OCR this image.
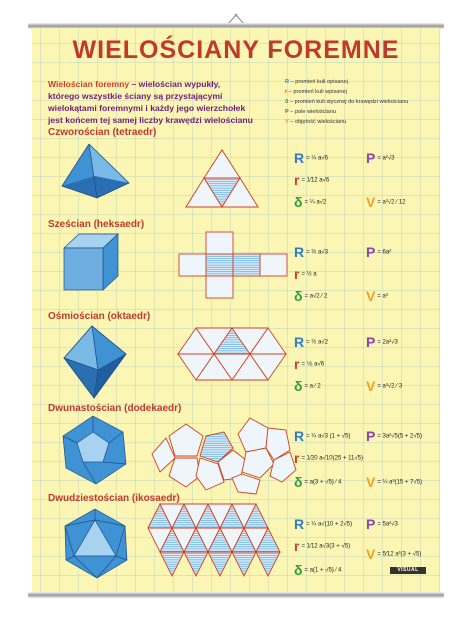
WIELOŚCIANY FOREMNE
Wielościan foremny – wielościan wypukły,
którego wszystkie ściany są przystającymi
wielokątami foremnymi i każdy jego wierzchołek
jest końcem tej samej liczby krawędzi wielościanu
R – promień kuli opisanej
r – promień kuli wpisanej
δ – promień kuli stycznej do krawędzi wielościanu
P – pole wielościanu
V – objętość wielościanu
Czworościan (tetraedr)
Sześcian (heksaedr)
Ośmiościan (oktaedr)
Dwunastościan (dodekaedr)
Dwudziestościan (ikosaedr)
R = ¼ a√6
r = 1⁄12 a√6
δ = ¼ a√2
P = a²√3
V = a³√2 ⁄ 12
R = ½ a√3
r = ½ a
δ = a√2 ⁄ 2
P = 6a²
V = a³
R = ½ a√2
r = ⅙ a√6
δ = a ⁄ 2
P = 2a²√3
V = a³√2 ⁄ 3
R = ¼ a√3 (1 + √5)
r = 1⁄20 a√10(25 + 11√5)
δ = a(3 + √5) ⁄ 4
P = 3a²√5(5 + 2√5)
V = ¼ a³(15 + 7√5)
R = ¼ a√(10 + 2√5)
r = 1⁄12 a√3(3 + √5)
δ = a(1 + √5) ⁄ 4
P = 5a²√3
V = 5⁄12 a³(3 + √5)
VISUAL
